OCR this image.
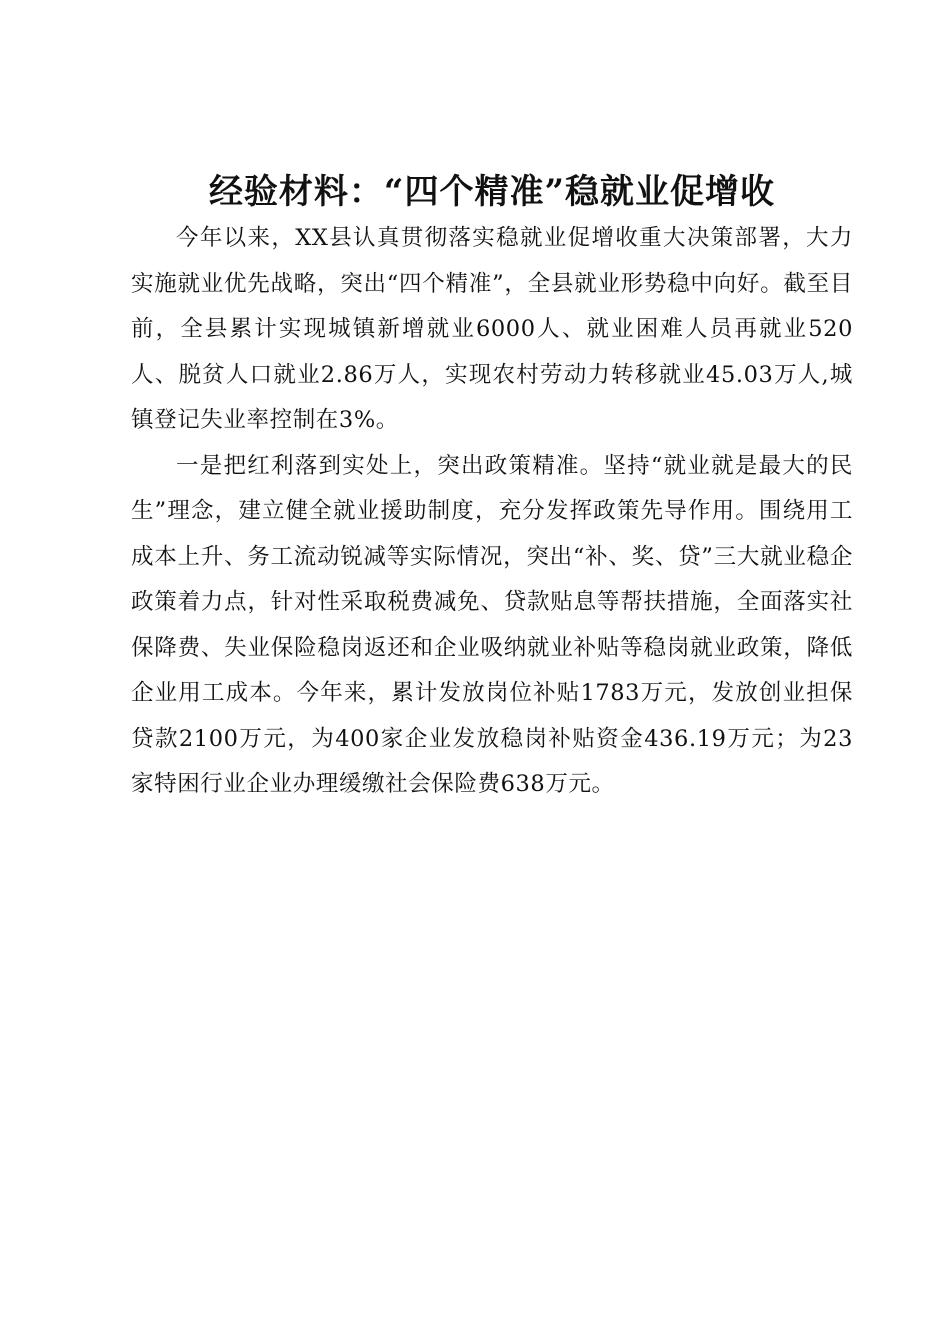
经验材料：“四个精准”稳就业促增收

今年以来，XX县认真贯彻落实稳就业促增收重大决策部署，大力实施就业优先战略，突出“四个精准”，全县就业形势稳中向好。截至目前，全县累计实现城镇新增就业6000人、就业困难人员再就业520人、脱贫人口就业2.86万人，实现农村劳动力转移就业45.03万人,城镇登记失业率控制在3%。

一是把红利落到实处上，突出政策精准。坚持“就业就是最大的民生”理念，建立健全就业援助制度，充分发挥政策先导作用。围绕用工成本上升、务工流动锐减等实际情况，突出“补、奖、贷”三大就业稳企政策着力点，针对性采取税费减免、贷款贴息等帮扶措施，全面落实社保降费、失业保险稳岗返还和企业吸纳就业补贴等稳岗就业政策，降低企业用工成本。今年来，累计发放岗位补贴1783万元，发放创业担保贷款2100万元，为400家企业发放稳岗补贴资金436.19万元；为23家特困行业企业办理缓缴社会保险费638万元。
